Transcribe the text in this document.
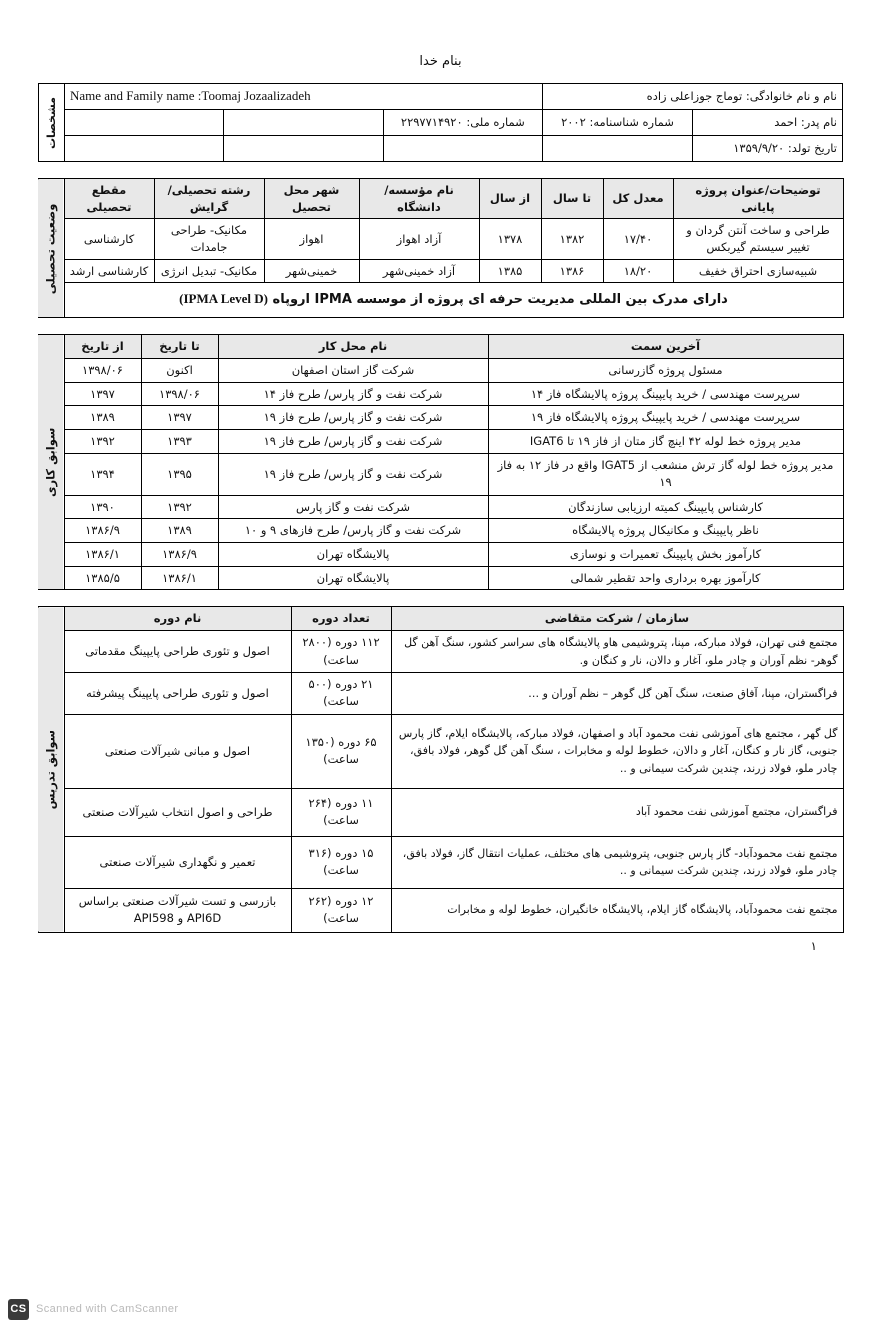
بنام خدا
نام و نام خانوادگی: توماج جوزاعلی زاده		Name and Family name :Toomaj Jozaalizadeh			مشخصات
نام پدر: احمد	شماره شناسنامه: ۲۰۰۲	شماره ملی: ۲۲۹۷۷۱۴۹۲۰			
تاریخ تولد: ۱۳۵۹/۹/۲۰					
توضیحات/عنوان پروژه پایانی	معدل کل	تا سال	از سال	نام مؤسسه/دانشگاه	شهر محل تحصیل	رشته تحصیلی/گرایش	مقطع تحصیلی	وضعیت تحصیلی
طراحی و ساخت آنتن گردان و تغییر سیستم گیربکس	۱۷/۴۰	۱۳۸۲	۱۳۷۸	آزاد اهواز	اهواز	مکانیک- طراحی جامدات	کارشناسی	
شبیه‌سازی احتراق خفیف	۱۸/۲۰	۱۳۸۶	۱۳۸۵	آزاد خمینی‌شهر	خمینی‌شهر	مکانیک- تبدیل انرژی	کارشناسی ارشد	
دارای مدرک بین المللی مدیریت حرفه ای پروژه از موسسه IPMA اروپاه (IPMA Level D)								
آخرین سمت	نام محل کار	تا تاریخ	از تاریخ	سوابق کاری
مسئول پروژه گازرسانی	شرکت گاز استان اصفهان	اکنون	۱۳۹۸/۰۶	
سرپرست مهندسی / خرید پایپینگ پروژه پالایشگاه فاز ۱۴	شرکت نفت و گاز پارس/ طرح فاز ۱۴	۱۳۹۸/۰۶	۱۳۹۷	
سرپرست مهندسی / خرید پایپینگ پروژه پالایشگاه فاز ۱۹	شرکت نفت و گاز پارس/ طرح فاز ۱۹	۱۳۹۷	۱۳۸۹	
مدیر پروژه خط لوله ۴۲ اینچ گاز متان از فاز ۱۹ تا IGAT6	شرکت نفت و گاز پارس/ طرح فاز ۱۹	۱۳۹۳	۱۳۹۲	
مدیر پروژه خط لوله گاز ترش منشعب از IGAT5 واقع در فاز ۱۲ به فاز ۱۹	شرکت نفت و گاز پارس/ طرح فاز ۱۹	۱۳۹۵	۱۳۹۴	
کارشناس پایپینگ کمیته ارزیابی سازندگان	شرکت نفت و گاز پارس	۱۳۹۲	۱۳۹۰	
ناظر پایپینگ و مکانیکال پروژه پالایشگاه	شرکت نفت و گاز پارس/ طرح فازهای ۹ و ۱۰	۱۳۸۹	۱۳۸۶/۹	
کارآموز بخش پایپینگ تعمیرات و نوسازی	پالایشگاه تهران	۱۳۸۶/۹	۱۳۸۶/۱	
کارآموز بهره برداری واحد تقطیر شمالی	پالایشگاه تهران	۱۳۸۶/۱	۱۳۸۵/۵	
سازمان / شرکت متقاضی	تعداد دوره	نام دوره	سوابق تدریس
مجتمع فنی تهران، فولاد مبارکه، مپنا، پتروشیمی هاو پالایشگاه های سراسر کشور، سنگ آهن گل گوهر- نظم آوران و چادر ملو، آغار و دالان، نار و کنگان و.	۱۱۲ دوره (۲۸۰۰ ساعت)	اصول و تئوری طراحی پایپینگ مقدماتی	
فراگستران، مپنا، آفاق صنعت، سنگ آهن گل گوهر – نظم آوران و …	۲۱ دوره (۵۰۰ ساعت)	اصول و تئوری طراحی پایپینگ پیشرفته	
گل گهر ، مجتمع های آموزشی نفت محمود آباد و اصفهان، فولاد مبارکه، پالایشگاه ایلام، گاز پارس جنوبی، گاز نار و کنگان، آغار و دالان، خطوط لوله و مخابرات ، سنگ آهن گل گوهر، فولاد بافق، چادر ملو، فولاد زرند، چندین شرکت سیمانی و ..	۶۵ دوره (۱۳۵۰ ساعت)	اصول و مبانی شیرآلات صنعتی	
فراگستران، مجتمع آموزشی نفت محمود آباد	۱۱ دوره (۲۶۴ ساعت)	طراحی و اصول انتخاب شیرآلات صنعتی	
مجتمع نفت محمودآباد- گاز پارس جنوبی، پتروشیمی های مختلف، عملیات انتقال گاز، فولاد بافق، چادر ملو، فولاد زرند، چندین شرکت سیمانی و ..	۱۵ دوره (۳۱۶ ساعت)	تعمیر و نگهداری شیرآلات صنعتی	
مجتمع نفت محمودآباد، پالایشگاه گاز ایلام، پالایشگاه خانگیران، خطوط لوله و مخابرات	۱۲ دوره (۲۶۲ ساعت)	بازرسی و تست شیرآلات صنعتی براساس API6D و API598	
۱
CS Scanned with CamScanner
